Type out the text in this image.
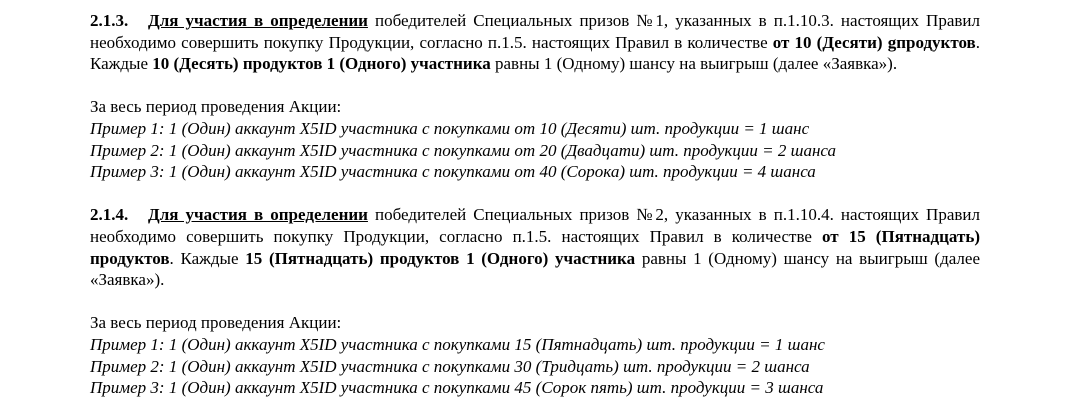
2.1.3. Для участия в определении победителей Специальных призов №1, указанных в п.1.10.3. настоящих Правил необходимо совершить покупку Продукции, согласно п.1.5. настоящих Правил в количестве от 10 (Десяти) gпродуктов. Каждые 10 (Десять) продуктов 1 (Одного) участника равны 1 (Одному) шансу на выигрыш (далее «Заявка»).

За весь период проведения Акции:

Пример 1: 1 (Один) аккаунт X5ID участника с покупками от 10 (Десяти) шт. продукции = 1 шанс

Пример 2: 1 (Один) аккаунт X5ID участника с покупками от 20 (Двадцати) шт. продукции = 2 шанса

Пример 3: 1 (Один) аккаунт X5ID участника с покупками от 40 (Сорока) шт. продукции = 4 шанса

2.1.4. Для участия в определении победителей Специальных призов №2, указанных в п.1.10.4. настоящих Правил необходимо совершить покупку Продукции, согласно п.1.5. настоящих Правил в количестве от 15 (Пятнадцать) продуктов. Каждые 15 (Пятнадцать) продуктов 1 (Одного) участника равны 1 (Одному) шансу на выигрыш (далее «Заявка»).

За весь период проведения Акции:

Пример 1: 1 (Один) аккаунт X5ID участника с покупками 15 (Пятнадцать) шт. продукции = 1 шанс

Пример 2: 1 (Один) аккаунт X5ID участника с покупками 30 (Тридцать) шт. продукции = 2 шанса

Пример 3: 1 (Один) аккаунт X5ID участника с покупками 45 (Сорок пять) шт. продукции = 3 шанса
